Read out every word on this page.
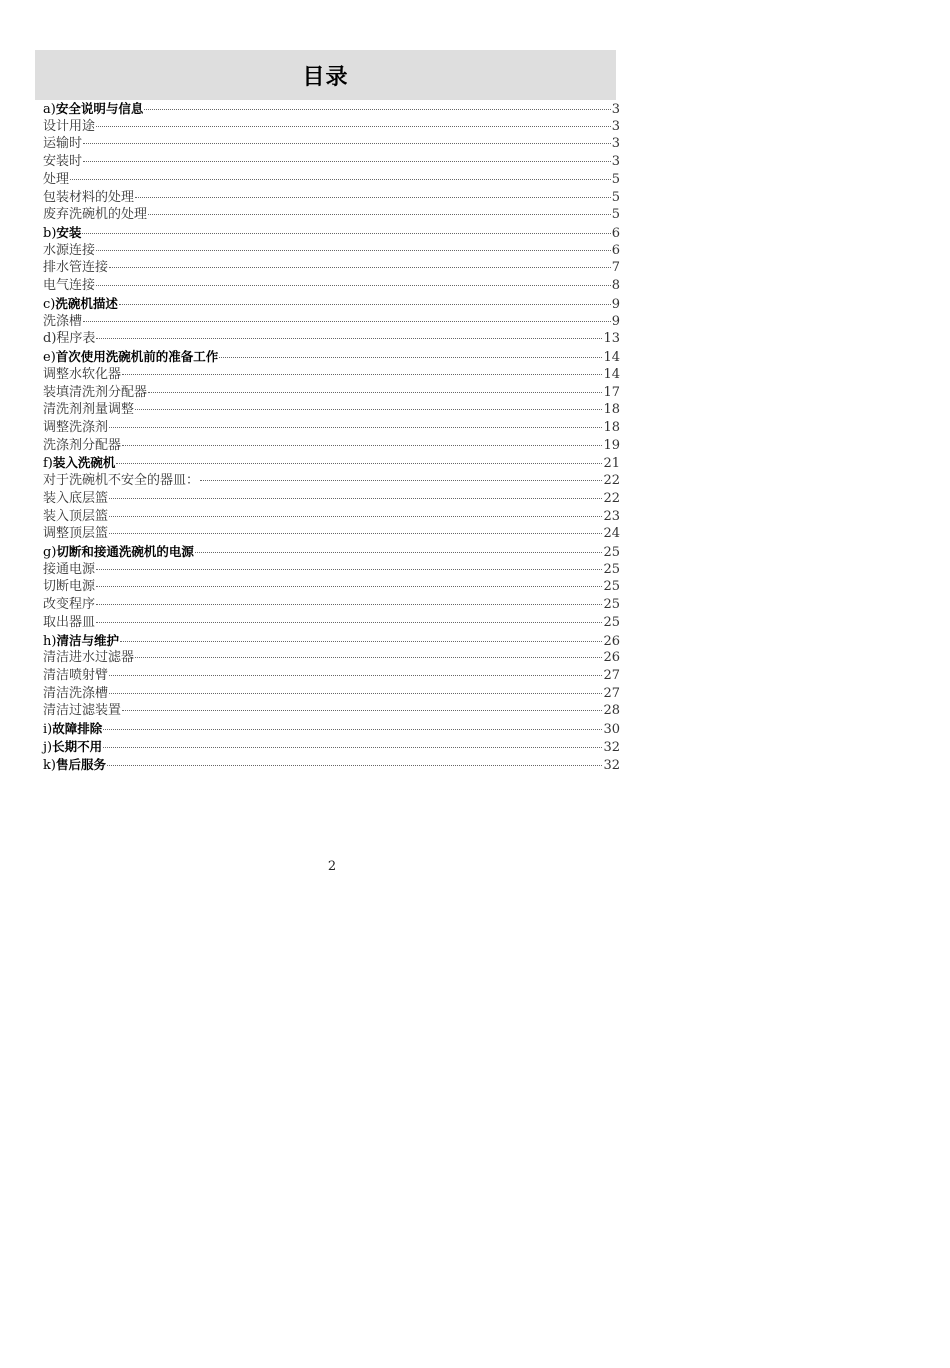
目录
a)安全说明与信息	3
设计用途	3
运输时	3
安装时	3
处理	5
包装材料的处理	5
废弃洗碗机的处理	5
b)安装	6
水源连接	6
排水管连接	7
电气连接	8
c)洗碗机描述	9
洗涤槽	9
d)程序表	13
e)首次使用洗碗机前的准备工作	14
调整水软化器	14
装填清洗剂分配器	17
清洗剂剂量调整	18
调整洗涤剂	18
洗涤剂分配器	19
f)装入洗碗机	21
对于洗碗机不安全的器皿：	22
装入底层篮	22
装入顶层篮	23
调整顶层篮	24
g)切断和接通洗碗机的电源	25
接通电源	25
切断电源	25
改变程序	25
取出器皿	25
h)清洁与维护	26
清洁进水过滤器	26
清洁喷射臂	27
清洁洗涤槽	27
清洁过滤装置	28
i)故障排除	30
j)长期不用	32
k)售后服务	32
2
